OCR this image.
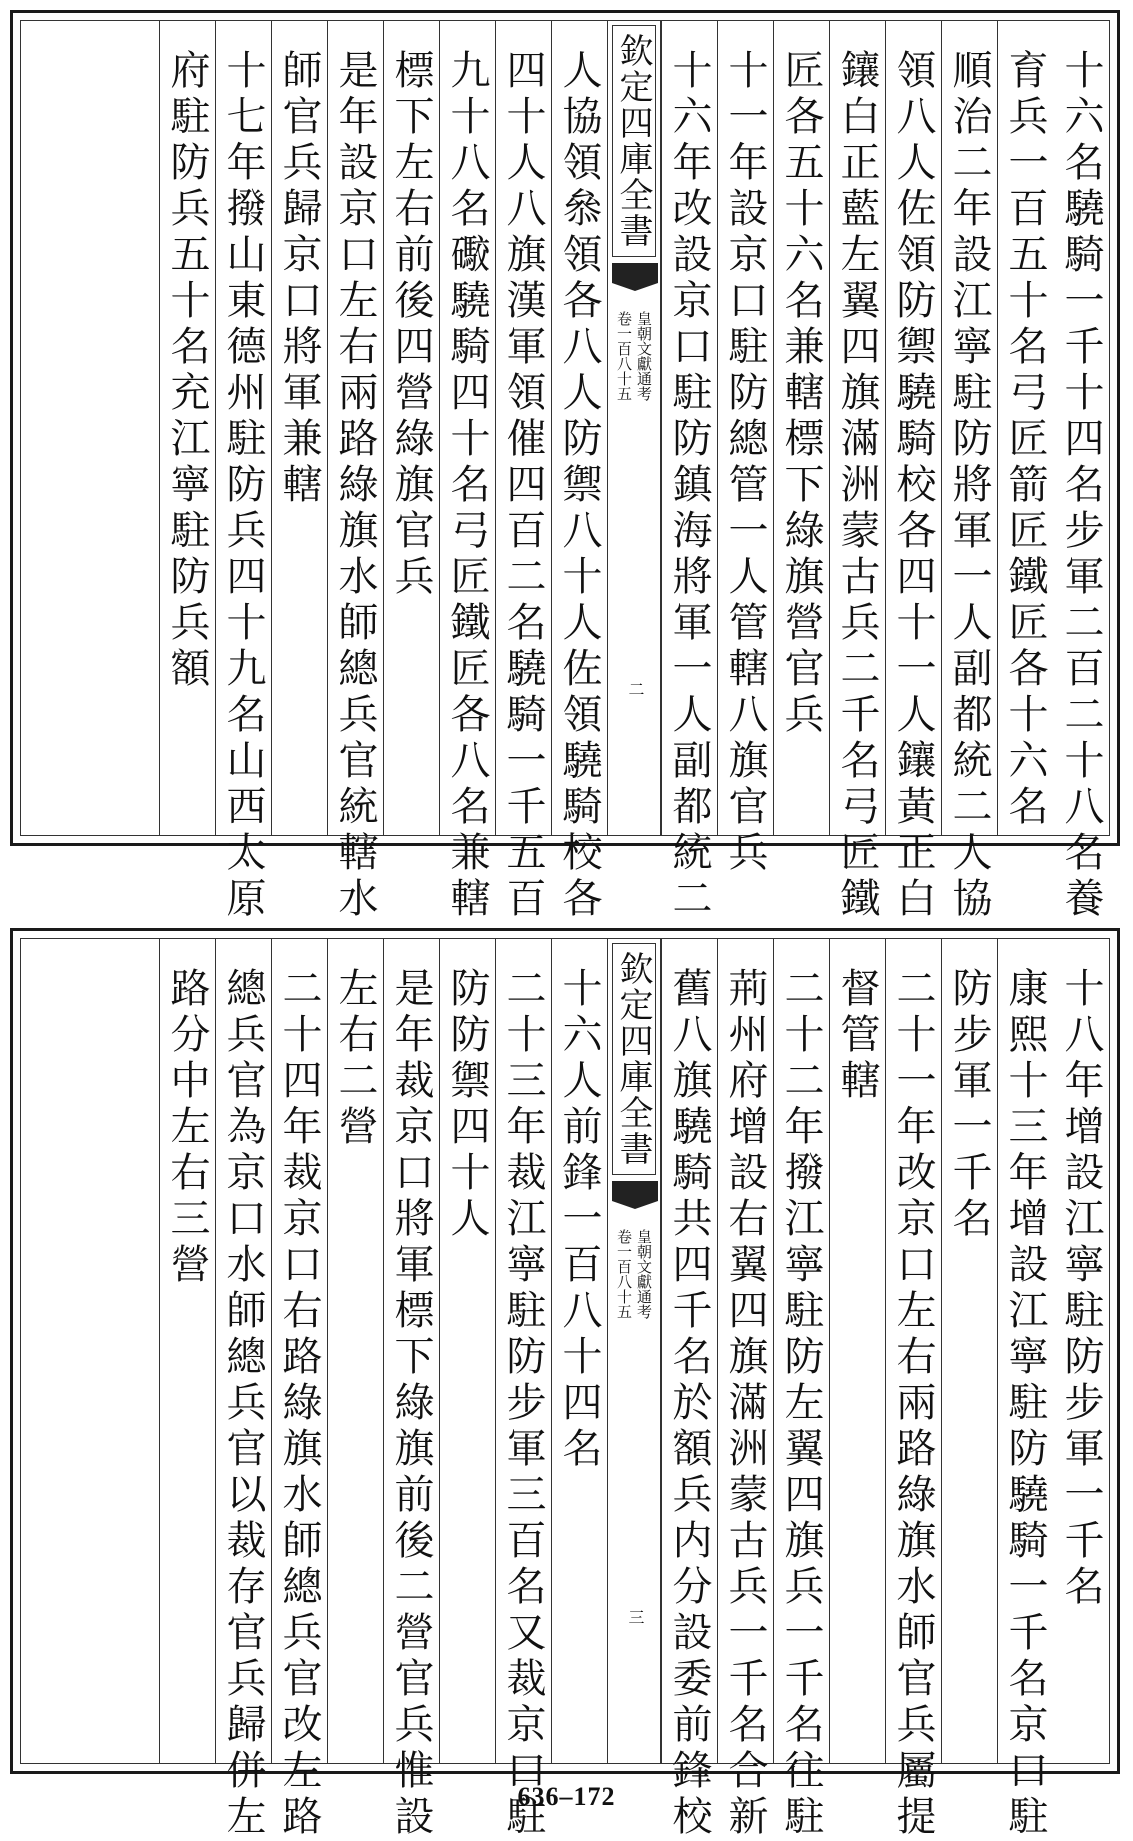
十六名驍騎一千十四名步軍二百二十八名養
育兵一百五十名弓匠箭匠鐵匠各十六名
順治二年設江寧駐防將軍一人副都統二人協
領八人佐領防禦驍騎校各四十一人鑲黃正白
鑲白正藍左翼四旗滿洲蒙古兵二千名弓匠鐵
匠各五十六名兼轄標下綠旗營官兵
十一年設京口駐防總管一人管轄八旗官兵
十六年改設京口駐防鎮海將軍一人副都統二
欽定四庫全書
皇朝文獻通考
卷一百八十五
二
人協領叅領各八人防禦八十人佐領驍騎校各
四十人八旗漢軍領催四百二名驍騎一千五百
九十八名礮驍騎四十名弓匠鐵匠各八名兼轄
標下左右前後四營綠旗官兵
是年設京口左右兩路綠旗水師總兵官統轄水
師官兵歸京口將軍兼轄
十七年撥山東德州駐防兵四十九名山西太原
府駐防兵五十名充江寧駐防兵額
十八年增設江寧駐防步軍一千名
康熙十三年增設江寧駐防驍騎一千名京口駐
防步軍一千名
二十一年改京口左右兩路綠旗水師官兵屬提
督管轄
二十二年撥江寧駐防左翼四旗兵一千名往駐
荊州府增設右翼四旗滿洲蒙古兵一千名合新
舊八旗驍騎共四千名於額兵内分設委前鋒校
欽定四庫全書
皇朝文獻通考
卷一百八十五
三
十六人前鋒一百八十四名
二十三年裁江寧駐防步軍三百名又裁京口駐
防防禦四十人
是年裁京口將軍標下綠旗前後二營官兵惟設
左右二營
二十四年裁京口右路綠旗水師總兵官改左路
總兵官為京口水師總兵官以裁存官兵歸併左
路分中左右三營
636–172
